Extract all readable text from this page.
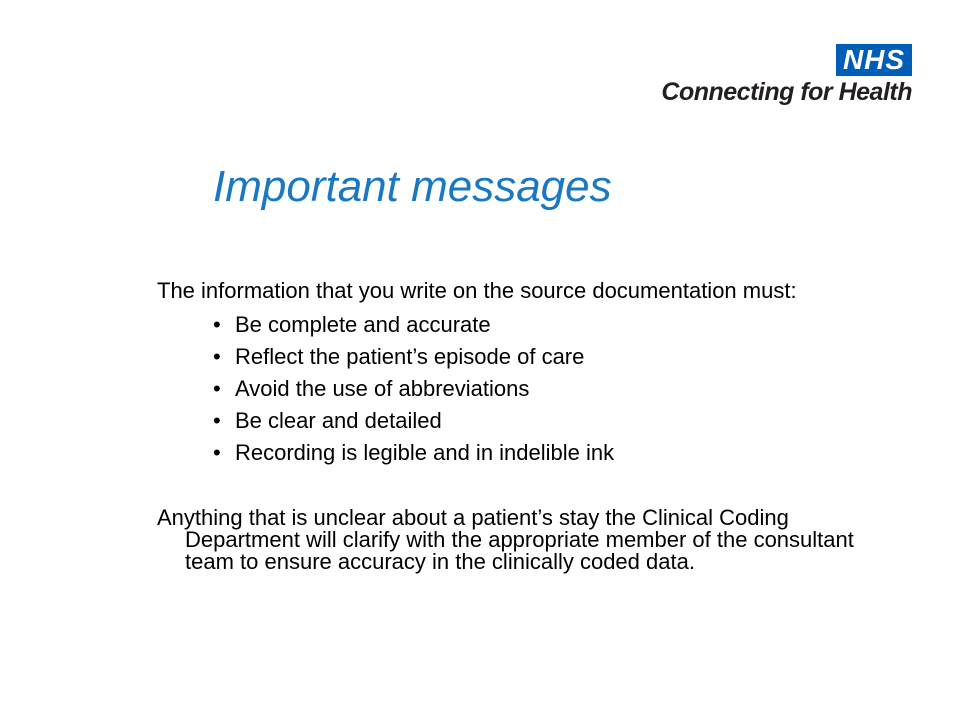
NHS
Connecting for Health
Important messages

The information that you write on the source documentation must:

• Be complete and accurate
• Reflect the patient’s episode of care
• Avoid the use of abbreviations
• Be clear and detailed
• Recording is legible and in indelible ink

Anything that is unclear about a patient’s stay the Clinical Coding Department will clarify with the appropriate member of the consultant team to ensure accuracy in the clinically coded data.
